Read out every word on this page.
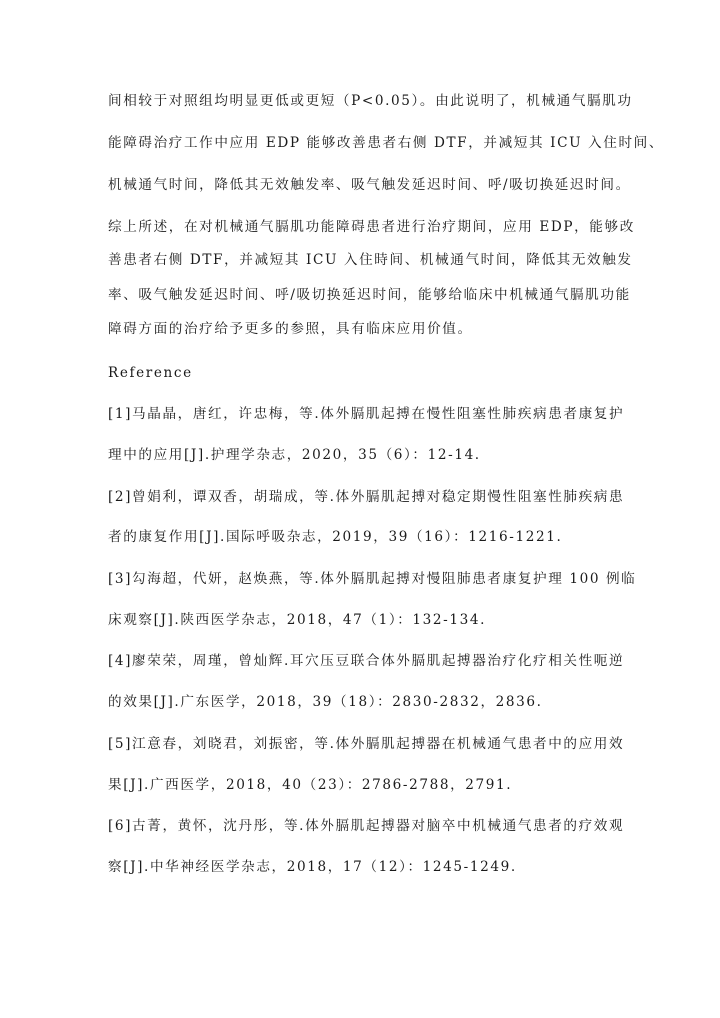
间相较于对照组均明显更低或更短（P<0.05）。由此说明了，机械通气膈肌功
能障碍治疗工作中应用 EDP 能够改善患者右侧 DTF，并减短其 ICU 入住时间、
机械通气时间，降低其无效触发率、吸气触发延迟时间、呼/吸切换延迟时间。
综上所述，在对机械通气膈肌功能障碍患者进行治疗期间，应用 EDP，能够改
善患者右侧 DTF，并减短其 ICU 入住時间、机械通气时间，降低其无效触发
率、吸气触发延迟时间、呼/吸切换延迟时间，能够给临床中机械通气膈肌功能
障碍方面的治疗给予更多的参照，具有临床应用价值。
Reference
[1]马晶晶，唐红，许忠梅，等.体外膈肌起搏在慢性阻塞性肺疾病患者康复护
理中的应用[J].护理学杂志，2020，35（6）：12-14.
[2]曾娟利，谭双香，胡瑞成，等.体外膈肌起搏对稳定期慢性阻塞性肺疾病患
者的康复作用[J].国际呼吸杂志，2019，39（16）：1216-1221.
[3]勾海超，代妍，赵焕燕，等.体外膈肌起搏对慢阻肺患者康复护理 100 例临
床观察[J].陕西医学杂志，2018，47（1）：132-134.
[4]廖荣荣，周瑾，曾灿辉.耳穴压豆联合体外膈肌起搏器治疗化疗相关性呃逆
的效果[J].广东医学，2018，39（18）：2830-2832，2836.
[5]江意春，刘晓君，刘振密，等.体外膈肌起搏器在机械通气患者中的应用效
果[J].广西医学，2018，40（23）：2786-2788，2791.
[6]古菁，黄怀，沈丹彤，等.体外膈肌起搏器对脑卒中机械通气患者的疗效观
察[J].中华神经医学杂志，2018，17（12）：1245-1249.
